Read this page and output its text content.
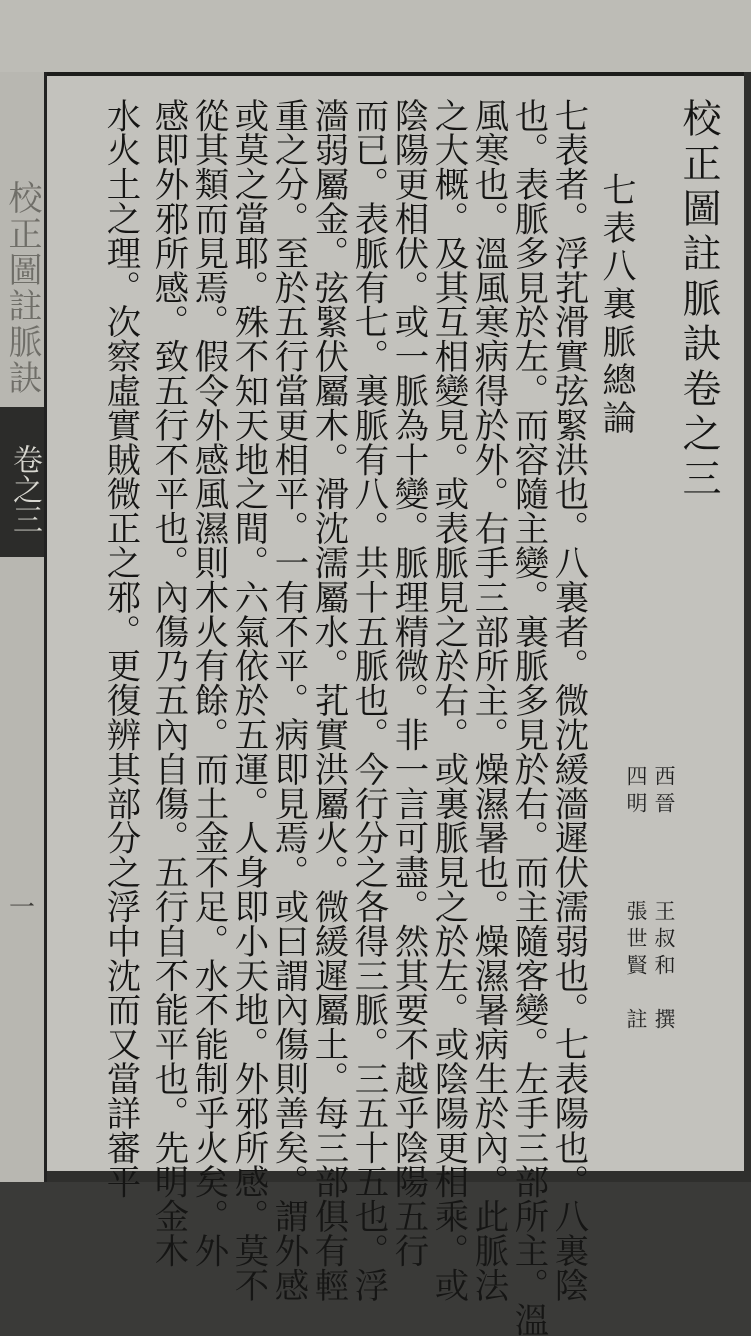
校正圖註脈訣
卷之三
一
校正圖註脈訣卷之三
七表八裏脈總論
西晉
四明
王叔和
張世賢
撰
註
七表者。浮芤滑實弦緊洪也。八裏者。微沈緩濇遲伏濡弱也。七表陽也。八裏陰
也。表脈多見於左。而容隨主變。裏脈多見於右。而主隨客變。左手三部所主。溫
風寒也。溫風寒病得於外。右手三部所主。燥濕暑也。燥濕暑病生於內。此脈法
之大概。及其互相變見。或表脈見之於右。或裏脈見之於左。或陰陽更相乘。或
陰陽更相伏。或一脈為十變。脈理精微。非一言可盡。然其要不越乎陰陽五行
而已。表脈有七。裏脈有八。共十五脈也。今行分之各得三脈。三五十五也。浮
濇弱屬金。弦緊伏屬木。滑沈濡屬水。芤實洪屬火。微緩遲屬土。每三部俱有輕
重之分。至於五行當更相平。一有不平。病即見焉。或曰謂內傷則善矣。謂外感
或莫之當耶。殊不知天地之間。六氣依於五運。人身即小天地。外邪所感。莫不
從其類而見焉。假令外感風濕則木火有餘。而土金不足。水不能制乎火矣。外
感即外邪所感。致五行不平也。內傷乃五內自傷。五行自不能平也。先明金木
水火土之理。次察虛實賊微正之邪。更復辨其部分之浮中沈而又當詳審平
